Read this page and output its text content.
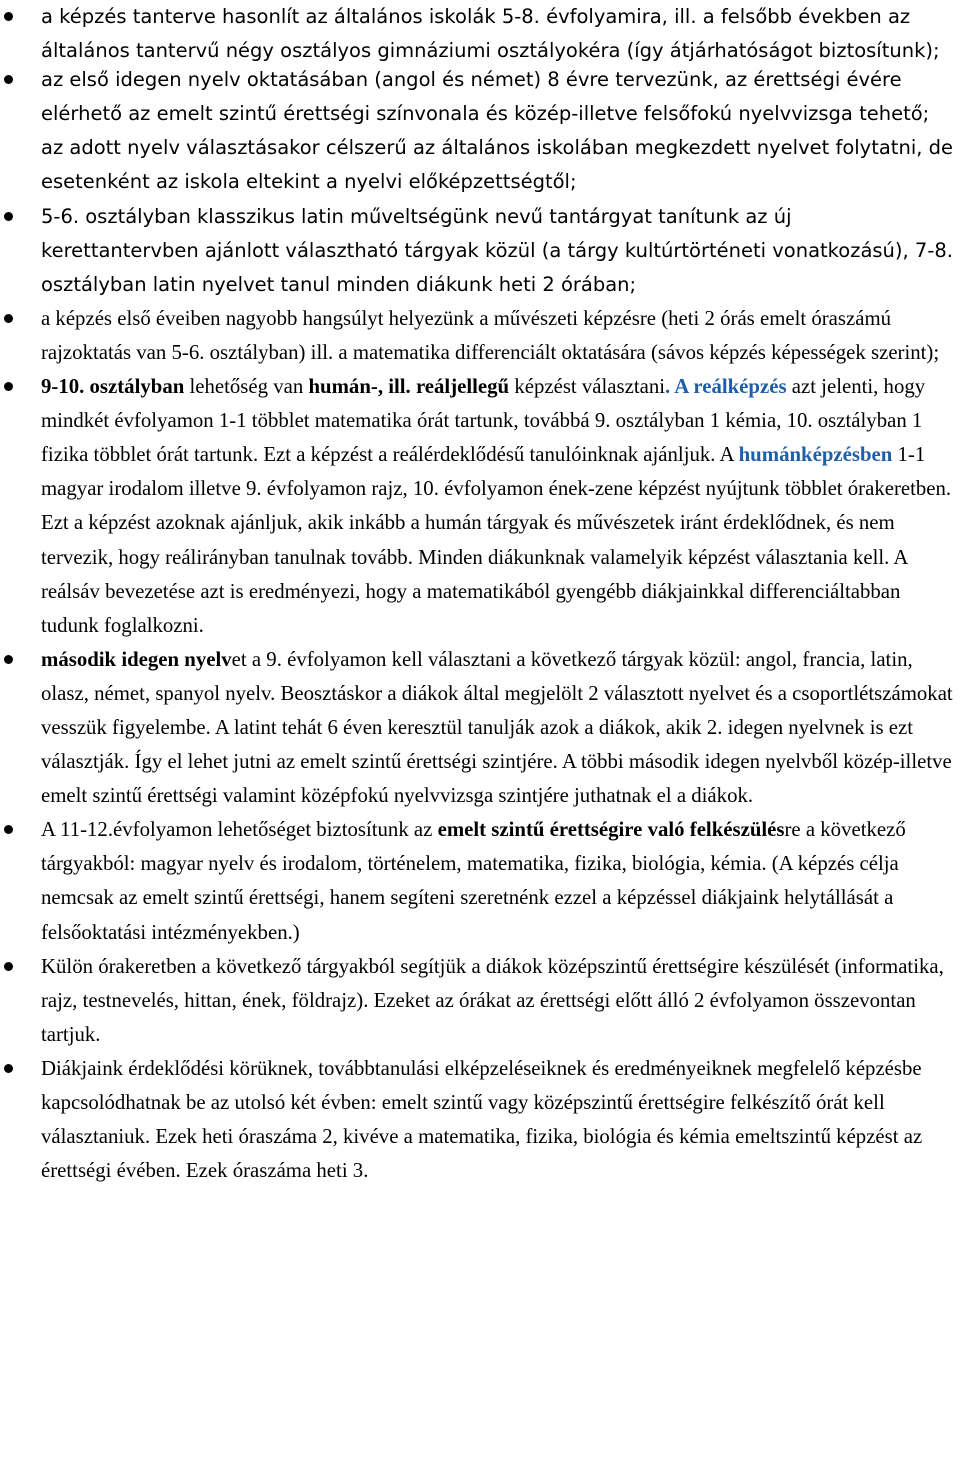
a képzés tanterve hasonlít az általános iskolák 5-8. évfolyamira, ill. a felsőbb években az általános tantervű négy osztályos gimnáziumi osztályokéra (így átjárhatóságot biztosítunk);
az első idegen nyelv oktatásában (angol és német) 8 évre tervezünk, az érettségi évére elérhető az emelt szintű érettségi színvonala és közép-illetve felsőfokú nyelvvizsga tehető; az adott nyelv választásakor célszerű az általános iskolában megkezdett nyelvet folytatni, de esetenként az iskola eltekint a nyelvi előképzettségtől;
5-6. osztályban klasszikus latin műveltségünk nevű tantárgyat tanítunk az új kerettantervben ajánlott választható tárgyak közül (a tárgy kultúrtörténeti vonatkozású), 7-8. osztályban latin nyelvet tanul minden diákunk heti 2 órában;
a képzés első éveiben nagyobb hangsúlyt helyezünk a művészeti képzésre (heti 2 órás emelt óraszámú rajzoktatás van 5-6. osztályban) ill. a matematika differenciált oktatására (sávos képzés képességek szerint);
9-10. osztályban lehetőség van humán-, ill. reáljellegű képzést választani. A reálképzés azt jelenti, hogy mindkét évfolyamon 1-1 többlet matematika órát tartunk, továbbá 9. osztályban 1 kémia, 10. osztályban 1 fizika többlet órát tartunk. Ezt a képzést a reálérdeklődésű tanulóinknak ajánljuk. A humánképzésben 1-1 magyar irodalom illetve 9. évfolyamon rajz, 10. évfolyamon ének-zene képzést nyújtunk többlet órakeretben. Ezt a képzést azoknak ajánljuk, akik inkább a humán tárgyak és művészetek iránt érdeklődnek, és nem tervezik, hogy reálirányban tanulnak tovább. Minden diákunknak valamelyik képzést választania kell. A reálsáv bevezetése azt is eredményezi, hogy a matematikából gyengébb diákjainkkal differenciáltabban tudunk foglalkozni.
második idegen nyelvet a 9. évfolyamon kell választani a következő tárgyak közül: angol, francia, latin, olasz, német, spanyol nyelv. Beosztáskor a diákok által megjelölt 2 választott nyelvet és a csoportlétszámokat vesszük figyelembe. A latint tehát 6 éven keresztül tanulják azok a diákok, akik 2. idegen nyelvnek is ezt választják. Így el lehet jutni az emelt szintű érettségi szintjére. A többi második idegen nyelvből közép-illetve emelt szintű érettségi valamint középfokú nyelvvizsga szintjére juthatnak el a diákok.
A 11-12.évfolyamon lehetőséget biztosítunk az emelt szintű érettségire való felkészülésre a következő tárgyakból: magyar nyelv és irodalom, történelem, matematika, fizika, biológia, kémia. (A képzés célja nemcsak az emelt szintű érettségi, hanem segíteni szeretnénk ezzel a képzéssel diákjaink helytállását a felsőoktatási intézményekben.)
Külön órakeretben a következő tárgyakból segítjük a diákok középszintű érettségire készülését (informatika, rajz, testnevelés, hittan, ének, földrajz). Ezeket az órákat az érettségi előtt álló 2 évfolyamon összevontan tartjuk.
Diákjaink érdeklődési körüknek, továbbtanulási elképzeléseiknek és eredményeiknek megfelelő képzésbe kapcsolódhatnak be az utolsó két évben: emelt szintű vagy középszintű érettségire felkészítő órát kell választaniuk. Ezek heti óraszáma 2, kivéve a matematika, fizika, biológia és kémia emeltszintű képzést az érettségi évében. Ezek óraszáma heti 3.
